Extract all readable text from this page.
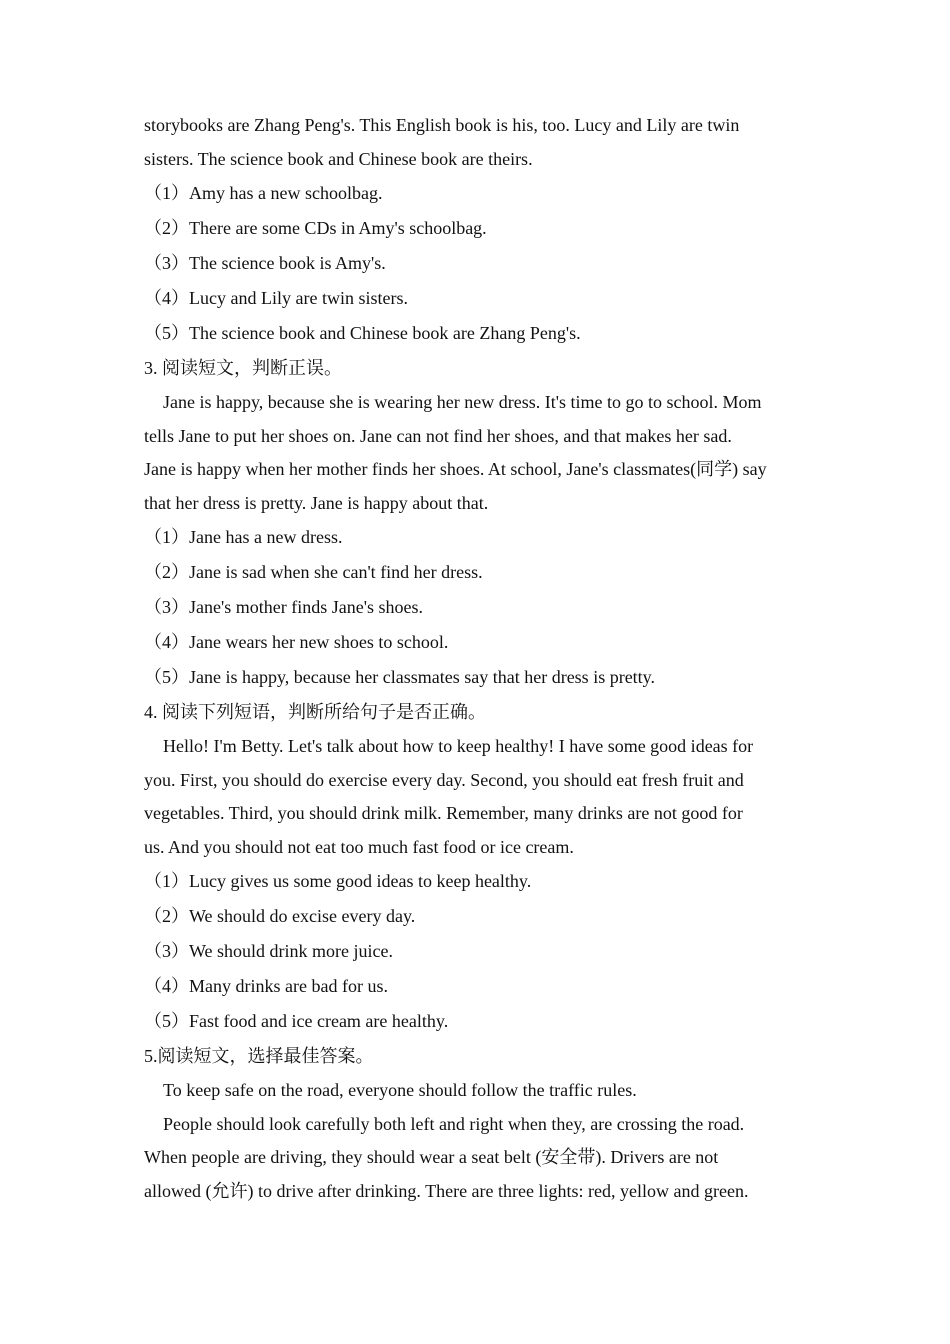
storybooks are Zhang Peng's. This English book is his, too. Lucy and Lily are twin
sisters. The science book and Chinese book are theirs.
（1）Amy has a new schoolbag.
（2）There are some CDs in Amy's schoolbag.
（3）The science book is Amy's.
（4）Lucy and Lily are twin sisters.
（5）The science book and Chinese book are Zhang Peng's.
3. 阅读短文，判断正误。
Jane is happy, because she is wearing her new dress. It's time to go to school. Mom
tells Jane to put her shoes on. Jane can not find her shoes, and that makes her sad.
Jane is happy when her mother finds her shoes. At school, Jane's classmates(同学) say
that her dress is pretty. Jane is happy about that.
（1）Jane has a new dress.
（2）Jane is sad when she can't find her dress.
（3）Jane's mother finds Jane's shoes.
（4）Jane wears her new shoes to school.
（5）Jane is happy, because her classmates say that her dress is pretty.
4. 阅读下列短语，判断所给句子是否正确。
Hello! I'm Betty. Let's talk about how to keep healthy! I have some good ideas for
you. First, you should do exercise every day. Second, you should eat fresh fruit and
vegetables. Third, you should drink milk. Remember, many drinks are not good for
us. And you should not eat too much fast food or ice cream.
（1）Lucy gives us some good ideas to keep healthy.
（2）We should do excise every day.
（3）We should drink more juice.
（4）Many drinks are bad for us.
（5）Fast food and ice cream are healthy.
5.阅读短文，选择最佳答案。
To keep safe on the road, everyone should follow the traffic rules.
People should look carefully both left and right when they, are crossing the road.
When people are driving, they should wear a seat belt (安全带). Drivers are not
allowed (允许) to drive after drinking. There are three lights: red, yellow and green.
